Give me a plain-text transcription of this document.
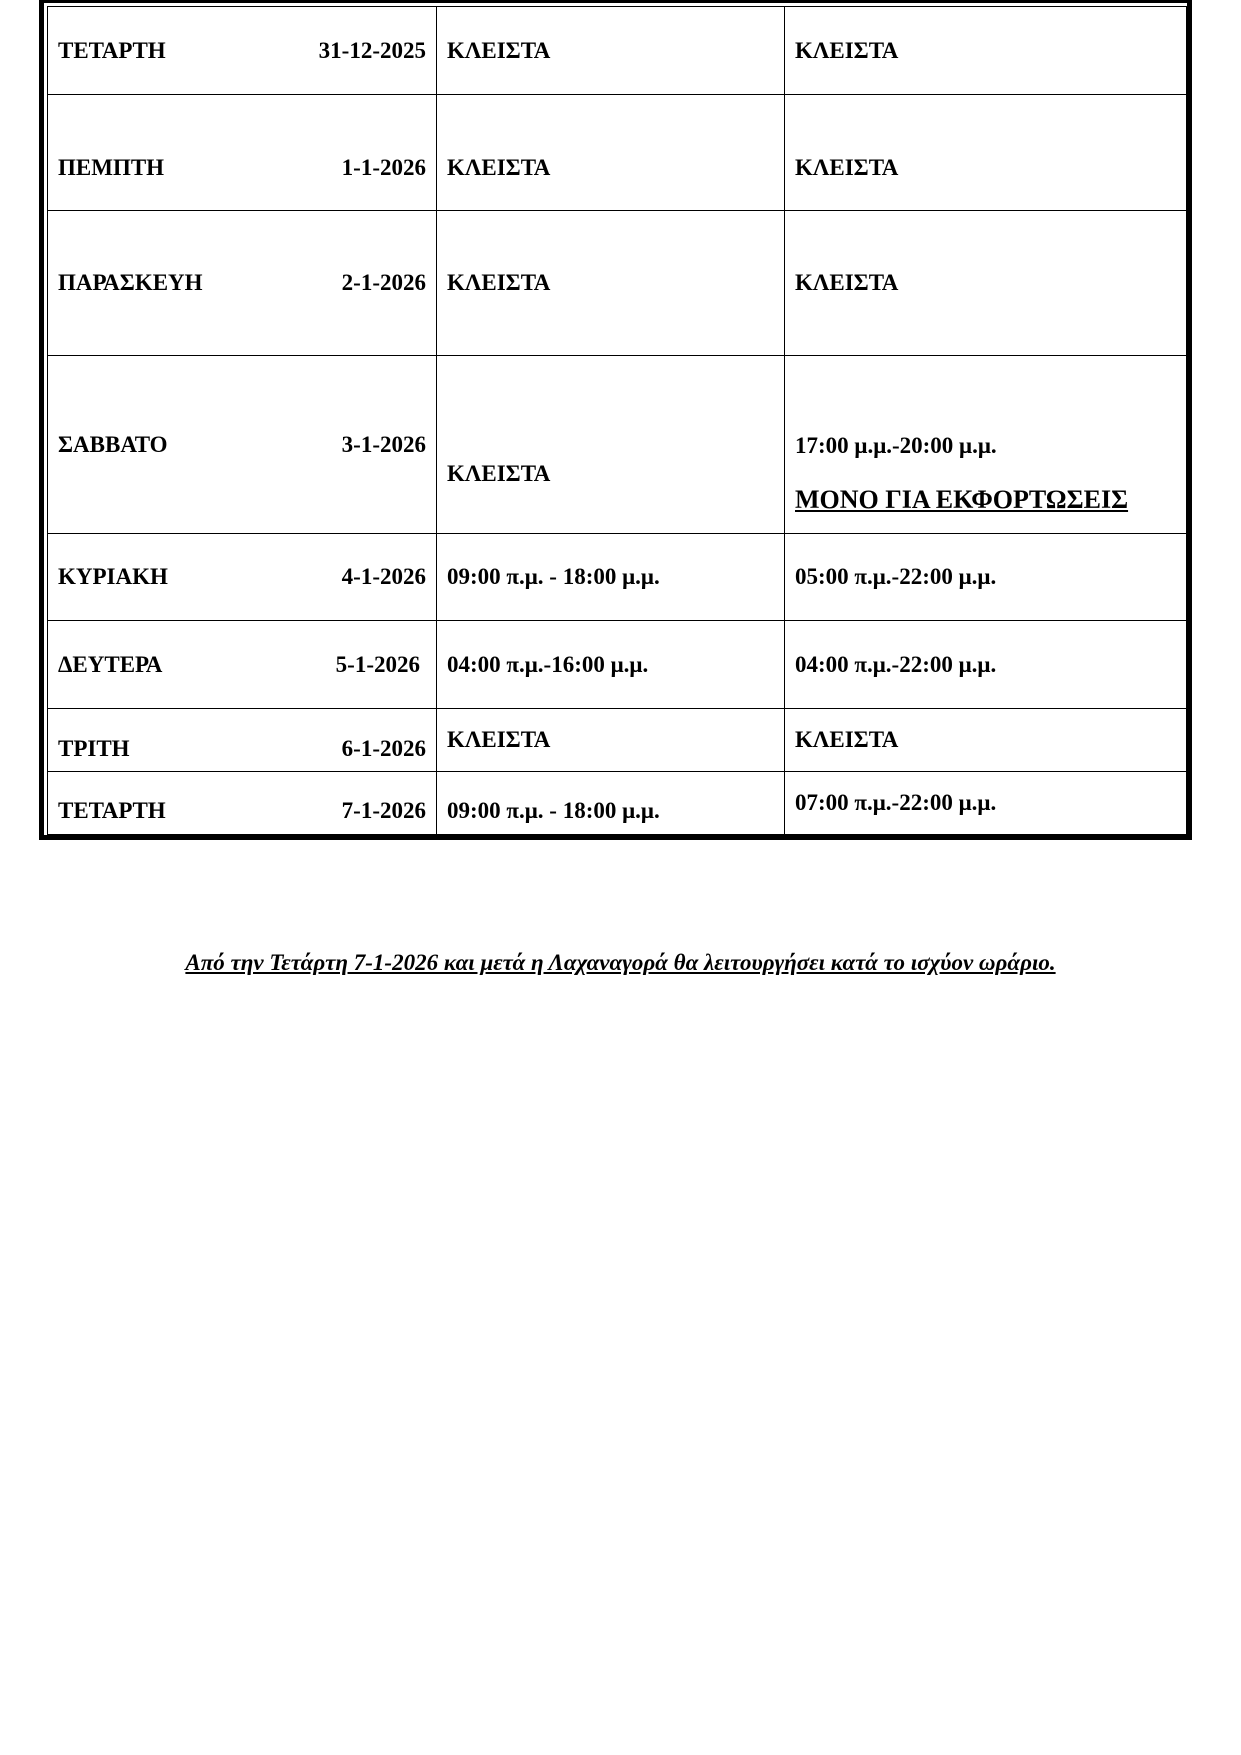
ΤΕΤΑΡΤΗ 31-12-2025	ΚΛΕΙΣΤΑ	ΚΛΕΙΣΤΑ

ΠΕΜΠΤΗ 1-1-2026	ΚΛΕΙΣΤΑ	ΚΛΕΙΣΤΑ

ΠΑΡΑΣΚΕΥΗ 2-1-2026	ΚΛΕΙΣΤΑ	ΚΛΕΙΣΤΑ

ΣΑΒΒΑΤΟ 3-1-2026	ΚΛΕΙΣΤΑ	17:00 μ.μ.-20:00 μ.μ.
ΜΟΝΟ ΓΙΑ ΕΚΦΟΡΤΩΣΕΙΣ

ΚΥΡΙΑΚΗ 4-1-2026	09:00 π.μ. - 18:00 μ.μ.	05:00 π.μ.-22:00 μ.μ.

ΔΕΥΤΕΡΑ 5-1-2026	04:00 π.μ.-16:00 μ.μ.	04:00 π.μ.-22:00 μ.μ.

ΤΡΙΤΗ 6-1-2026	ΚΛΕΙΣΤΑ	ΚΛΕΙΣΤΑ

ΤΕΤΑΡΤΗ 7-1-2026	09:00 π.μ. - 18:00 μ.μ.	07:00 π.μ.-22:00 μ.μ.
Από την Τετάρτη 7-1-2026 και μετά η Λαχαναγορά θα λειτουργήσει κατά το ισχύον ωράριο.
